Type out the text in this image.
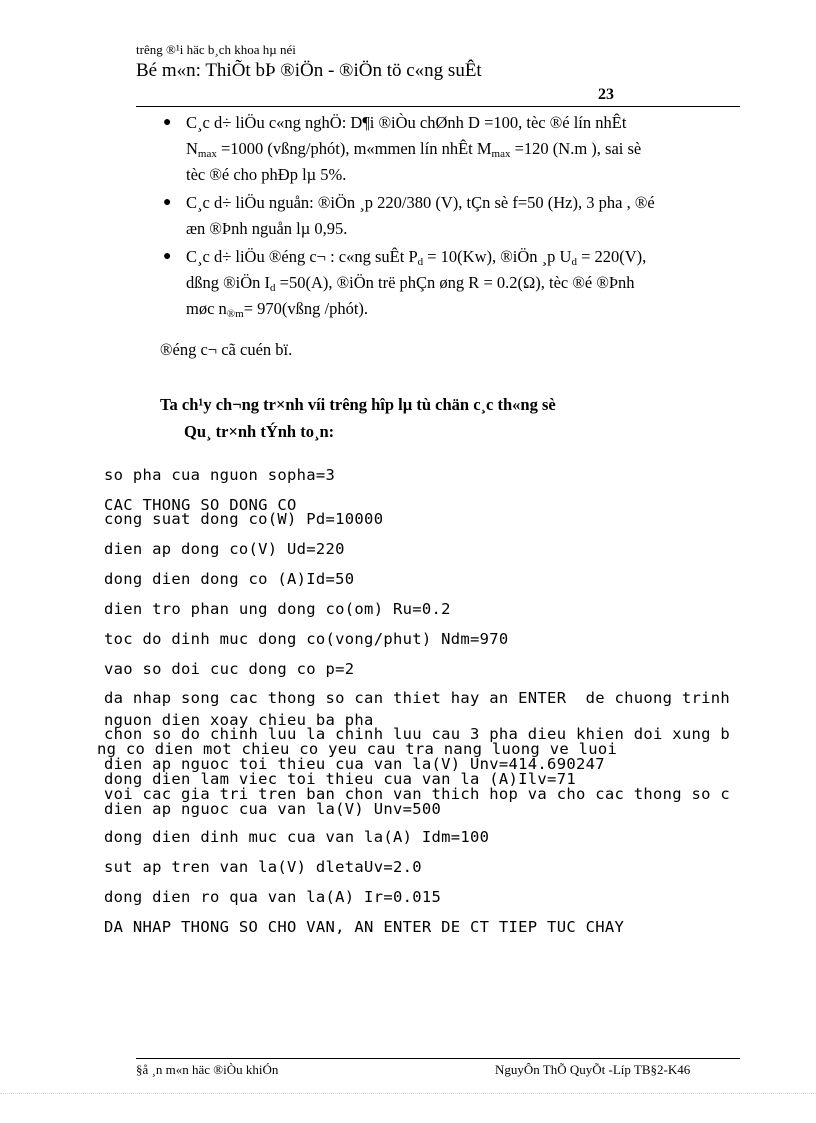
trêng ®¹i häc b¸ch khoa hµ néi
Bé m«n: ThiÕt bÞ ®iÖn - ®iÖn tö c«ng suÊt
23
● C¸c d÷ liÖu c«ng nghÖ: D¶i ®iÒu chØnh D =100, tèc ®é lín nhÊt
$N_{max} =1000$ (vßng/phót), m«mmen lín nhÊt $M_{max} =120$ (N.m ), sai sè
tèc ®é cho phÐp lµ 5%.
● C¸c d÷ liÖu nguån: ®iÖn ¸p 220/380 (V), tÇn sè f=50 (Hz), 3 pha , ®é
æn ®Þnh nguån lµ 0,95.
● C¸c d÷ liÖu ®éng c¬ : c«ng suÊt $P_d = 10(Kw)$, ®iÖn ¸p $U_d = 220(V)$,
dßng ®iÖn $I_d =50(A)$, ®iÖn trë phÇn øng R = 0.2(Ω), tèc ®é ®Þnh
møc $n_{®m}=$ 970(vßng /phót).
®éng c¬ cã cuén bï.
Ta ch¹y ch¬ng tr×nh víi trêng hîp lµ tù chän c¸c th«ng sè
Qu¸ tr×nh tÝnh to¸n:
so pha cua nguon sopha=3
CAC THONG SO DONG CO
cong suat dong co(W) Pd=10000
dien ap dong co(V) Ud=220
dong dien dong co (A)Id=50
dien tro phan ung dong co(om) Ru=0.2
toc do dinh muc dong co(vong/phut) Ndm=970
vao so doi cuc dong co p=2
da nhap song cac thong so can thiet hay an ENTER  de chuong trinh
nguon dien xoay chieu ba pha
chon so do chinh luu la chinh luu cau 3 pha dieu khien doi xung b
ng co dien mot chieu co yeu cau tra nang luong ve luoi
dien ap nguoc toi thieu cua van la(V) Unv=414.690247
dong dien lam viec toi thieu cua van la (A)Ilv=71
voi cac gia tri tren ban chon van thich hop va cho cac thong so c
dien ap nguoc cua van la(V) Unv=500
dong dien dinh muc cua van la(A) Idm=100
sut ap tren van la(V) dletaUv=2.0
dong dien ro qua van la(A) Ir=0.015
DA NHAP THONG SO CHO VAN, AN ENTER DE CT TIEP TUC CHAY
§å ¸n m«n häc ®iÒu khiÓn	NguyÔn ThÕ QuyÕt -Líp TB§2-K46
